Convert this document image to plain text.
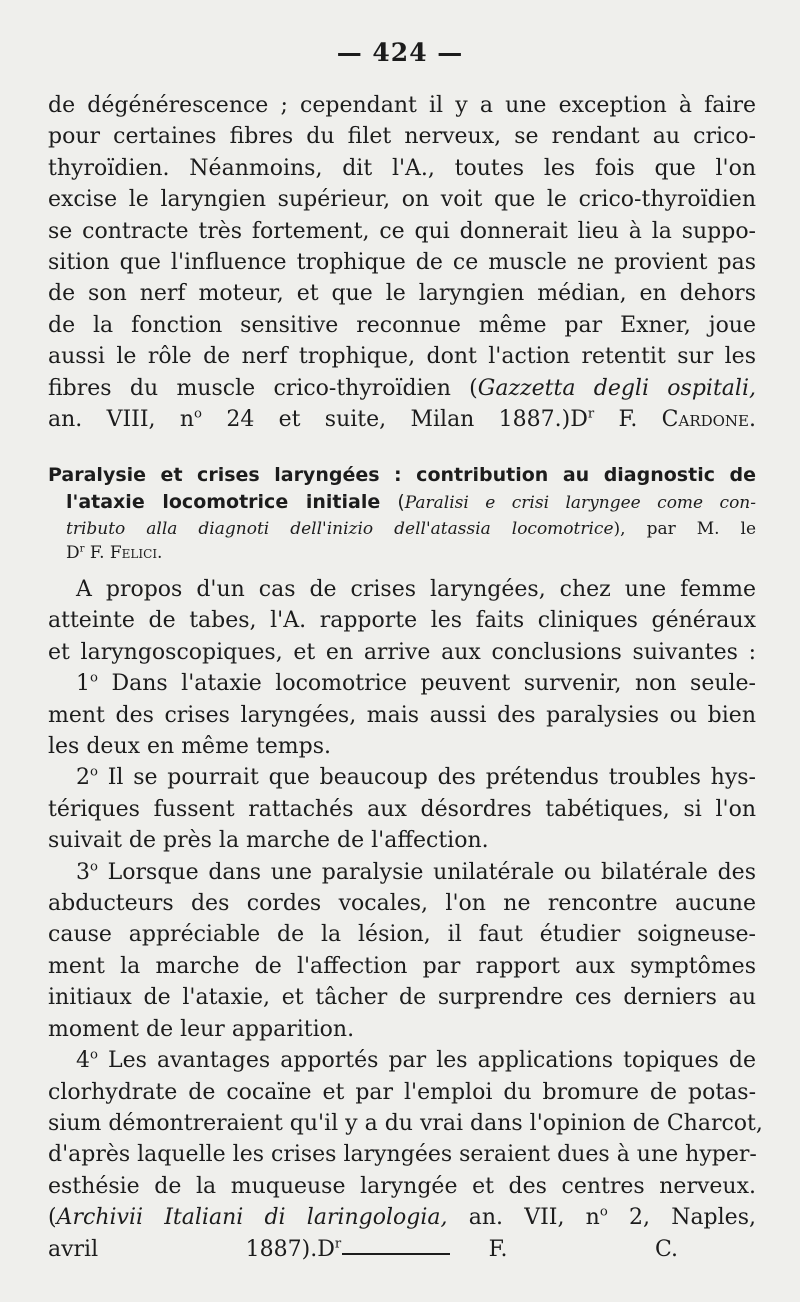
— 424 —
de dégénérescence ; cependant il y a une exception à faire
pour certaines fibres du filet nerveux, se rendant au crico-
thyroïdien. Néanmoins, dit l'A., toutes les fois que l'on
excise le laryngien supérieur, on voit que le crico-thyroïdien
se contracte très fortement, ce qui donnerait lieu à la suppo-
sition que l'influence trophique de ce muscle ne provient pas
de son nerf moteur, et que le laryngien médian, en dehors
de la fonction sensitive reconnue même par Exner, joue
aussi le rôle de nerf trophique, dont l'action retentit sur les
fibres du muscle crico-thyroïdien (Gazzetta degli ospitali,
an. VIII, $n^o$ 24 et suite, Milan $1887.)D^r$ F. Cardone.
Paralysie et crises laryngées : contribution au diagnostic de
l'ataxie locomotrice initiale (Paralisi e crisi laryngee come con-
tributo alla diagnoti dell'inizio dell'atassia locomotrice), par M. le
$D^r$ F. Felici.
A propos d'un cas de crises laryngées, chez une femme
atteinte de tabes, l'A. rapporte les faits cliniques généraux
et laryngoscopiques, et en arrive aux conclusions suivantes :
1$^o$ Dans l'ataxie locomotrice peuvent survenir, non seule-
ment des crises laryngées, mais aussi des paralysies ou bien
les deux en même temps.
2$^o$ Il se pourrait que beaucoup des prétendus troubles hys-
tériques fussent rattachés aux désordres tabétiques, si l'on
suivait de près la marche de l'affection.
3$^o$ Lorsque dans une paralysie unilatérale ou bilatérale des
abducteurs des cordes vocales, l'on ne rencontre aucune
cause appréciable de la lésion, il faut étudier soigneuse-
ment la marche de l'affection par rapport aux symptômes
initiaux de l'ataxie, et tâcher de surprendre ces derniers au
moment de leur apparition.
4$^o$ Les avantages apportés par les applications topiques de
clorhydrate de cocaïne et par l'emploi du bromure de potas-
sium démontreraient qu'il y a du vrai dans l'opinion de Charcot,
d'après laquelle les crises laryngées seraient dues à une hyper-
esthésie de la muqueuse laryngée et des centres nerveux.
(Archivii Italiani di laringologia, an. VII, $n^o$ 2, Naples,
avril $1887).D^r$ F. C.
